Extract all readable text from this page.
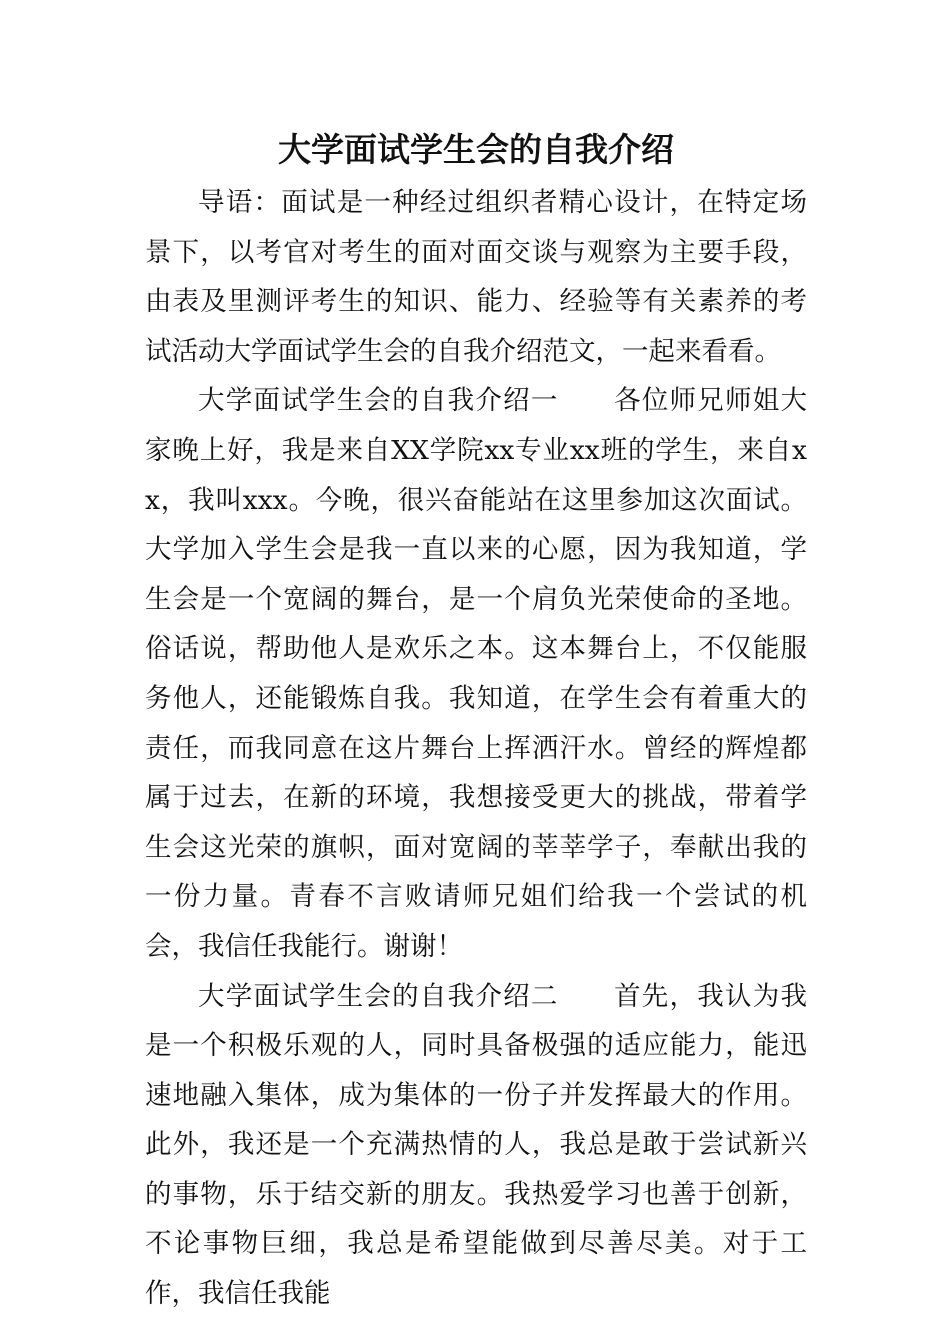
大学面试学生会的自我介绍

导语：面试是一种经过组织者精心设计，在特定场景下，以考官对考生的面对面交谈与观察为主要手段，由表及里测评考生的知识、能力、经验等有关素养的考试活动大学面试学生会的自我介绍范文，一起来看看。

大学面试学生会的自我介绍一　　各位师兄师姐大家晚上好，我是来自XX学院xx专业xx班的学生，来自xx，我叫xxx。今晚，很兴奋能站在这里参加这次面试。大学加入学生会是我一直以来的心愿，因为我知道，学生会是一个宽阔的舞台，是一个肩负光荣使命的圣地。俗话说，帮助他人是欢乐之本。这本舞台上，不仅能服务他人，还能锻炼自我。我知道，在学生会有着重大的责任，而我同意在这片舞台上挥洒汗水。曾经的辉煌都属于过去，在新的环境，我想接受更大的挑战，带着学生会这光荣的旗帜，面对宽阔的莘莘学子，奉献出我的一份力量。青春不言败请师兄姐们给我一个尝试的机会，我信任我能行。谢谢！

大学面试学生会的自我介绍二　　首先，我认为我是一个积极乐观的人，同时具备极强的适应能力，能迅速地融入集体，成为集体的一份子并发挥最大的作用。此外，我还是一个充满热情的人，我总是敢于尝试新兴的事物，乐于结交新的朋友。我热爱学习也善于创新，不论事物巨细，我总是希望能做到尽善尽美。对于工作，我信任我能
